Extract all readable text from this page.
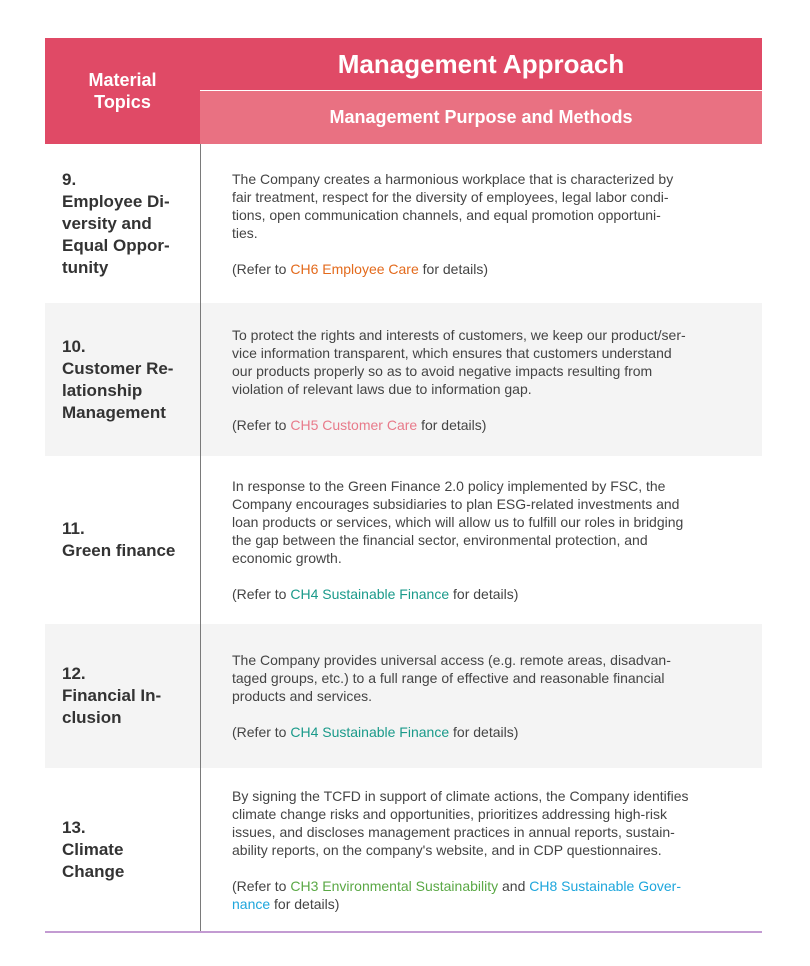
Material
Topics
Management Approach
Management Purpose and Methods
9.
Employee Di-
versity and
Equal Oppor-
tunity

The Company creates a harmonious workplace that is characterized by
fair treatment, respect for the diversity of employees, legal labor condi-
tions, open communication channels, and equal promotion opportuni-
ties.

(Refer to CH6 Employee Care for details)

10.
Customer Re-
lationship
Management

To protect the rights and interests of customers, we keep our product/ser-
vice information transparent, which ensures that customers understand
our products properly so as to avoid negative impacts resulting from
violation of relevant laws due to information gap.

(Refer to CH5 Customer Care for details)

11.
Green finance

In response to the Green Finance 2.0 policy implemented by FSC, the
Company encourages subsidiaries to plan ESG-related investments and
loan products or services, which will allow us to fulfill our roles in bridging
the gap between the financial sector, environmental protection, and
economic growth.

(Refer to CH4 Sustainable Finance for details)

12.
Financial In-
clusion

The Company provides universal access (e.g. remote areas, disadvan-
taged groups, etc.) to a full range of effective and reasonable financial
products and services.

(Refer to CH4 Sustainable Finance for details)

13.
Climate
Change

By signing the TCFD in support of climate actions, the Company identifies
climate change risks and opportunities, prioritizes addressing high-risk
issues, and discloses management practices in annual reports, sustain-
ability reports, on the company's website, and in CDP questionnaires.

(Refer to CH3 Environmental Sustainability and CH8 Sustainable Gover-
nance for details)
